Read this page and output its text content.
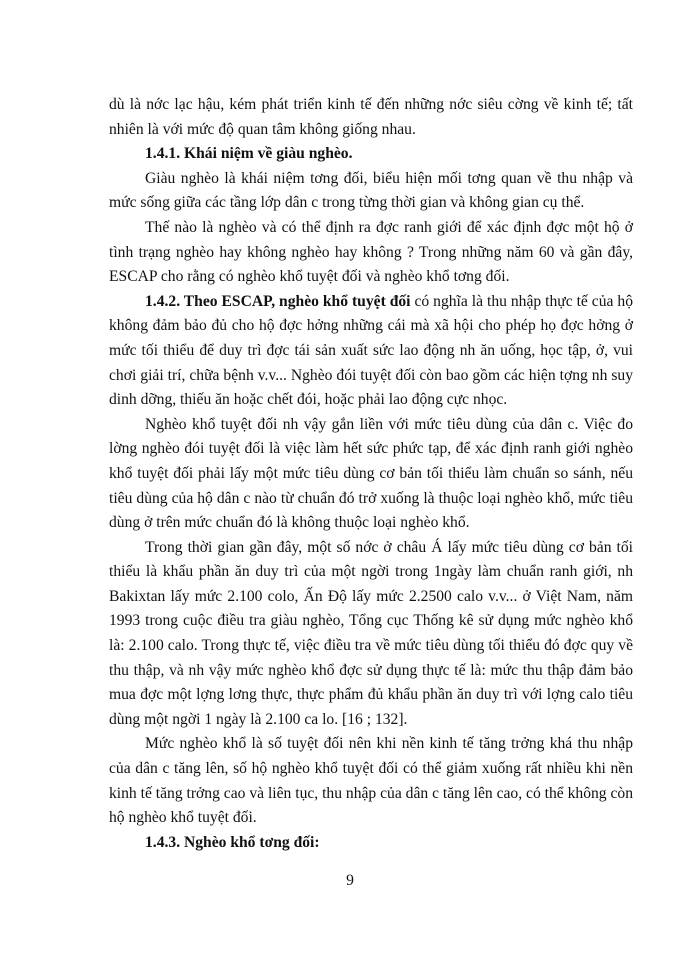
dù là nớc lạc hậu, kém phát triển kinh tế đến những nớc siêu cờng về kinh tế; tất nhiên là với mức độ quan tâm không giống nhau.

1.4.1. Khái niệm về giàu nghèo.

Giàu nghèo là khái niệm tơng đối, biểu hiện mối tơng quan về thu nhập và mức sống giữa các tầng lớp dân c trong từng thời gian và không gian cụ thể.

Thế nào là nghèo và có thể định ra đợc ranh giới để xác định đợc một hộ ở tình trạng nghèo hay không nghèo hay không ? Trong những năm 60 và gần đây, ESCAP cho rằng có nghèo khổ tuyệt đối và nghèo khổ tơng đối.

1.4.2. Theo ESCAP, nghèo khổ tuyệt đối có nghĩa là thu nhập thực tế của hộ không đảm bảo đủ cho hộ đợc hởng những cái mà xã hội cho phép họ đợc hởng ở mức tối thiểu để duy trì đợc tái sản xuất sức lao động nh ăn uống, học tập, ở, vui chơi giải trí, chữa bệnh v.v... Nghèo đói tuyệt đối còn bao gồm các hiện tợng nh suy dinh dỡng, thiếu ăn hoặc chết đói, hoặc phải lao động cực nhọc.

Nghèo khổ tuyệt đối nh vậy gắn liền với mức tiêu dùng của dân c. Việc đo lờng nghèo đói tuyệt đối là việc làm hết sức phức tạp, để xác định ranh giới nghèo khổ tuyệt đối phải lấy một mức tiêu dùng cơ bản tối thiểu làm chuẩn so sánh, nếu tiêu dùng của hộ dân c nào từ chuẩn đó trở xuống là thuộc loại nghèo khổ, mức tiêu dùng ở trên mức chuẩn đó là không thuộc loại nghèo khổ.

Trong thời gian gần đây, một số nớc ở châu Á lấy mức tiêu dùng cơ bản tối thiểu là khẩu phần ăn duy trì của một ngời trong 1ngày làm chuẩn ranh giới, nh Bakixtan lấy mức 2.100 colo, Ấn Độ lấy mức 2.2500 calo v.v... ở Việt Nam, năm 1993 trong cuộc điều tra giàu nghèo, Tổng cục Thống kê sử dụng mức nghèo khổ là: 2.100 calo. Trong thực tế, việc điều tra về mức tiêu dùng tối thiểu đó đợc quy về thu thập, và nh vậy mức nghèo khổ đợc sử dụng thực tế là: mức thu thập đảm bảo mua đợc một lợng lơng thực, thực phẩm đủ khẩu phần ăn duy trì với lợng calo tiêu dùng một ngời 1 ngày là 2.100 ca lo. [16 ; 132].

Mức nghèo khổ là số tuyệt đối nên khi nền kinh tế tăng trởng khá thu nhập của dân c tăng lên, số hộ nghèo khổ tuyệt đối có thể giảm xuống rất nhiều khi nền kinh tế tăng trởng cao và liên tục, thu nhập của dân c tăng lên cao, có thể không còn hộ nghèo khổ tuyệt đối.

1.4.3. Nghèo khổ tơng đối:

9
